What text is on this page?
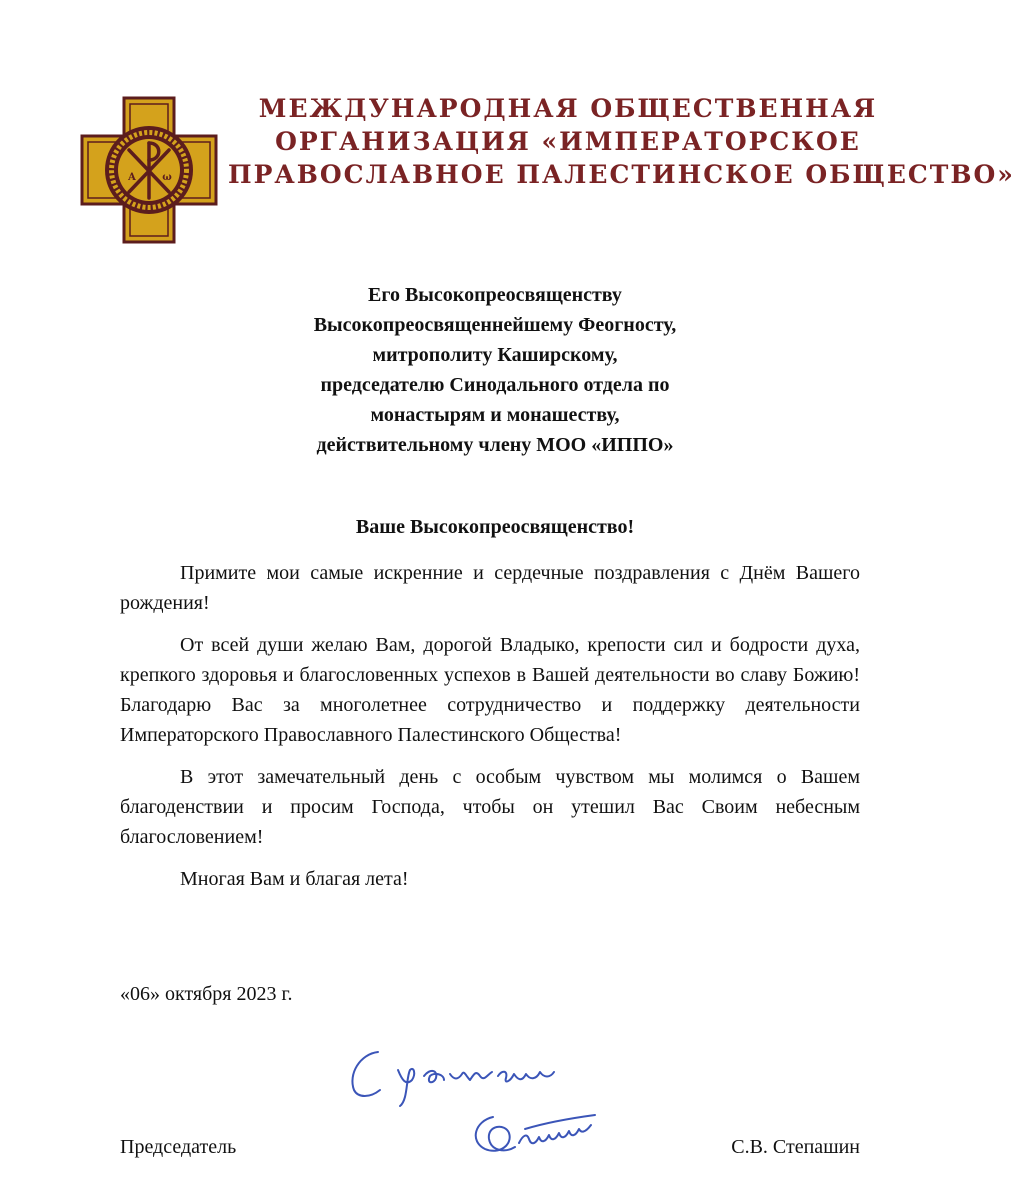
А	ω
МЕЖДУНАРОДНАЯ ОБЩЕСТВЕННАЯ
ОРГАНИЗАЦИЯ «ИМПЕРАТОРСКОЕ
ПРАВОСЛАВНОЕ ПАЛЕСТИНСКОЕ ОБЩЕСТВО»
Его Высокопреосвященству
Высокопреосвященнейшему Феогносту,
митрополиту Каширскому,
председателю Синодального отдела по
монастырям и монашеству,
действительному члену МОО «ИППО»
Ваше Высокопреосвященство!

Примите мои самые искренние и сердечные поздравления с Днём Вашего рождения!

От всей души желаю Вам, дорогой Владыко, крепости сил и бодрости духа, крепкого здоровья и благословенных успехов в Вашей деятельности во славу Божию! Благодарю Вас за многолетнее сотрудничество и поддержку деятельности Императорского Православного Палестинского Общества!

В этот замечательный день с особым чувством мы молимся о Вашем благоденствии и просим Господа, чтобы он утешил Вас Своим небесным благословением!

Многая Вам и благая лета!

«06» октября 2023 г.
Председатель	С.В. Степашин
